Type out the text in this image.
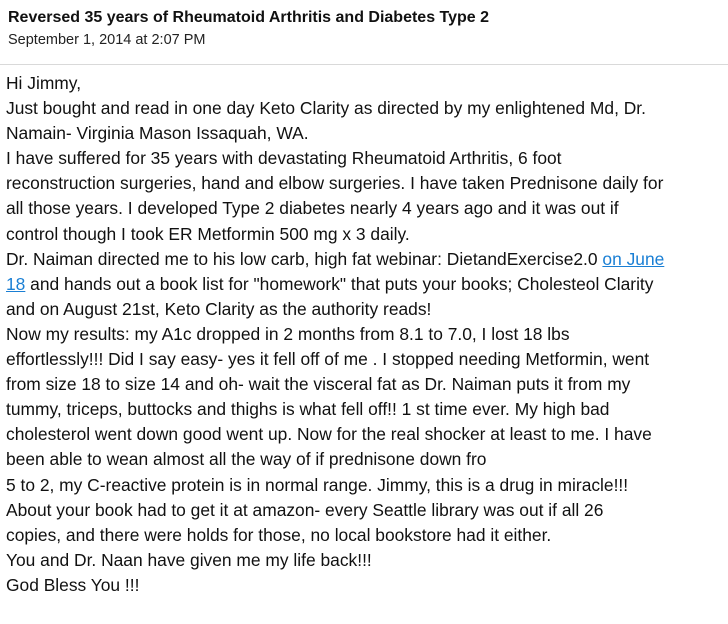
Reversed 35 years of Rheumatoid Arthritis and Diabetes Type 2
September 1, 2014 at 2:07 PM
Hi Jimmy,
Just bought and read in one day Keto Clarity as directed by my enlightened Md, Dr.
Namain- Virginia Mason Issaquah, WA.
I have suffered for 35 years with devastating Rheumatoid Arthritis, 6 foot
reconstruction surgeries, hand and elbow surgeries. I have taken Prednisone daily for
all those years. I developed Type 2 diabetes nearly 4 years ago and it was out if
control though I took ER Metformin 500 mg x 3 daily.
Dr. Naiman directed me to his low carb, high fat webinar: DietandExercise2.0 on June
18 and hands out a book list for "homework" that puts your books; Cholesteol Clarity
and on August 21st, Keto Clarity as the authority reads!
Now my results: my A1c dropped in 2 months from 8.1 to 7.0, I lost 18 lbs
effortlessly!!! Did I say easy- yes it fell off of me . I stopped needing Metformin, went
from size 18 to size 14 and oh- wait the visceral fat as Dr. Naiman puts it from my
tummy, triceps, buttocks and thighs is what fell off!! 1 st time ever. My high bad
cholesterol went down good went up. Now for the real shocker at least to me. I have
been able to wean almost all the way of if prednisone down fro
5 to 2, my C-reactive protein is in normal range. Jimmy, this is a drug in miracle!!!
About your book had to get it at amazon- every Seattle library was out if all 26
copies, and there were holds for those, no local bookstore had it either.
You and Dr. Naan have given me my life back!!!
God Bless You !!!
